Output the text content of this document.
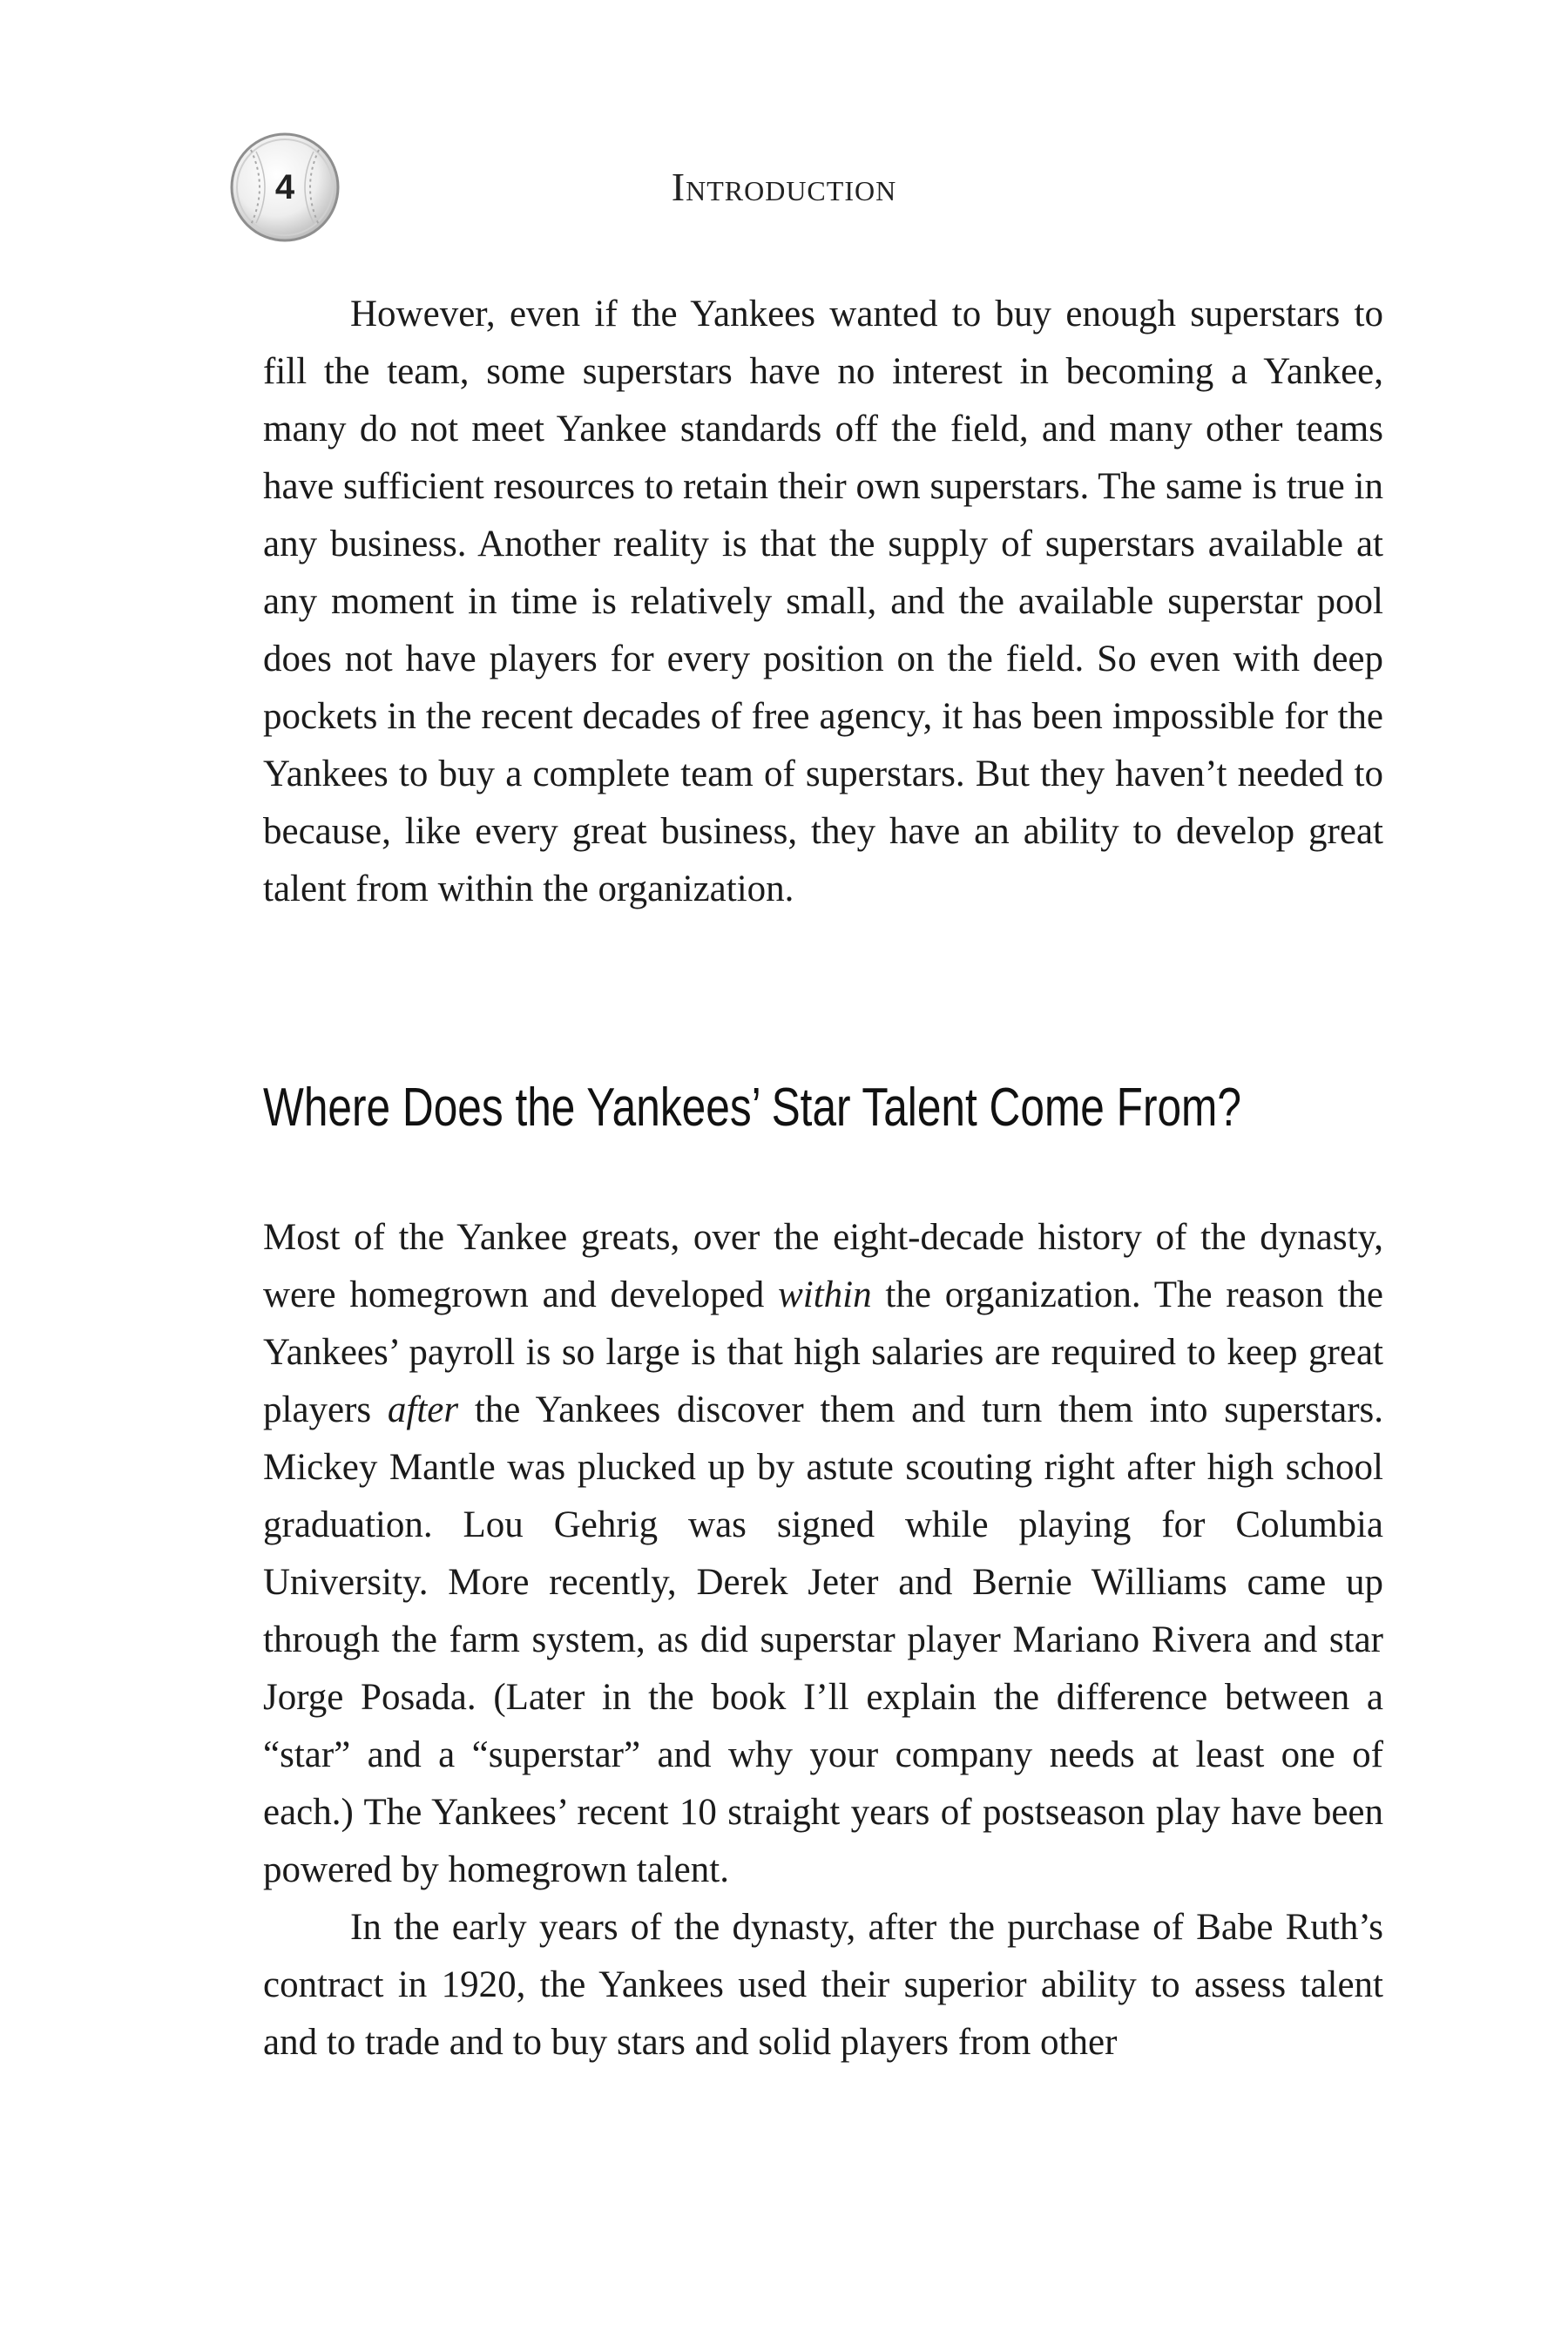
4	Introduction

However, even if the Yankees wanted to buy enough superstars to fill the team, some superstars have no interest in becoming a Yankee, many do not meet Yankee standards off the field, and many other teams have sufficient resources to retain their own superstars. The same is true in any business. Another reality is that the supply of superstars available at any moment in time is relatively small, and the available superstar pool does not have players for every position on the field. So even with deep pockets in the recent decades of free agency, it has been impossible for the Yankees to buy a complete team of superstars. But they haven’t needed to because, like every great business, they have an ability to develop great talent from within the organization.

Where Does the Yankees’ Star Talent Come From?

Most of the Yankee greats, over the eight-decade history of the dynasty, were homegrown and developed within the organization. The reason the Yankees’ payroll is so large is that high salaries are required to keep great players after the Yankees discover them and turn them into superstars. Mickey Mantle was plucked up by astute scouting right after high school graduation. Lou Gehrig was signed while playing for Columbia University. More recently, Derek Jeter and Bernie Williams came up through the farm system, as did superstar player Mariano Rivera and star Jorge Posada. (Later in the book I’ll explain the difference between a “star” and a “superstar” and why your company needs at least one of each.) The Yankees’ recent 10 straight years of postseason play have been powered by homegrown talent.

In the early years of the dynasty, after the purchase of Babe Ruth’s contract in 1920, the Yankees used their superior ability to assess talent and to trade and to buy stars and solid players from other
